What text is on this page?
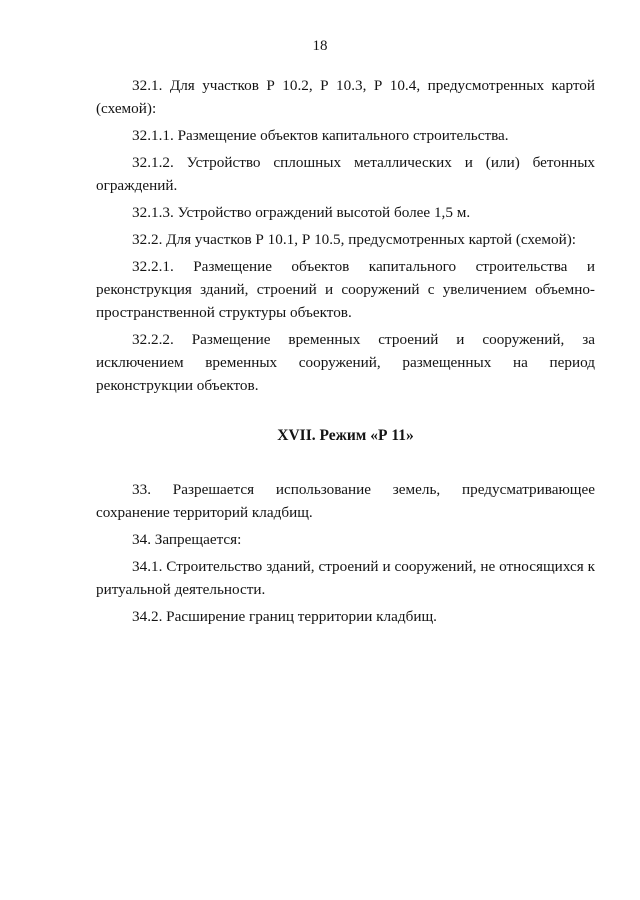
18

32.1. Для участков Р 10.2, Р 10.3, Р 10.4, предусмотренных картой (схемой):

32.1.1. Размещение объектов капитального строительства.

32.1.2. Устройство сплошных металлических и (или) бетонных ограждений.

32.1.3. Устройство ограждений высотой более 1,5 м.

32.2. Для участков Р 10.1, Р 10.5, предусмотренных картой (схемой):

32.2.1. Размещение объектов капитального строительства и реконструкция зданий, строений и сооружений с увеличением объемно-пространственной структуры объектов.

32.2.2. Размещение временных строений и сооружений, за исключением временных сооружений, размещенных на период реконструкции объектов.

XVII. Режим «Р 11»

33. Разрешается использование земель, предусматривающее сохранение территорий кладбищ.

34. Запрещается:

34.1. Строительство зданий, строений и сооружений, не относящихся к ритуальной деятельности.

34.2. Расширение границ территории кладбищ.
